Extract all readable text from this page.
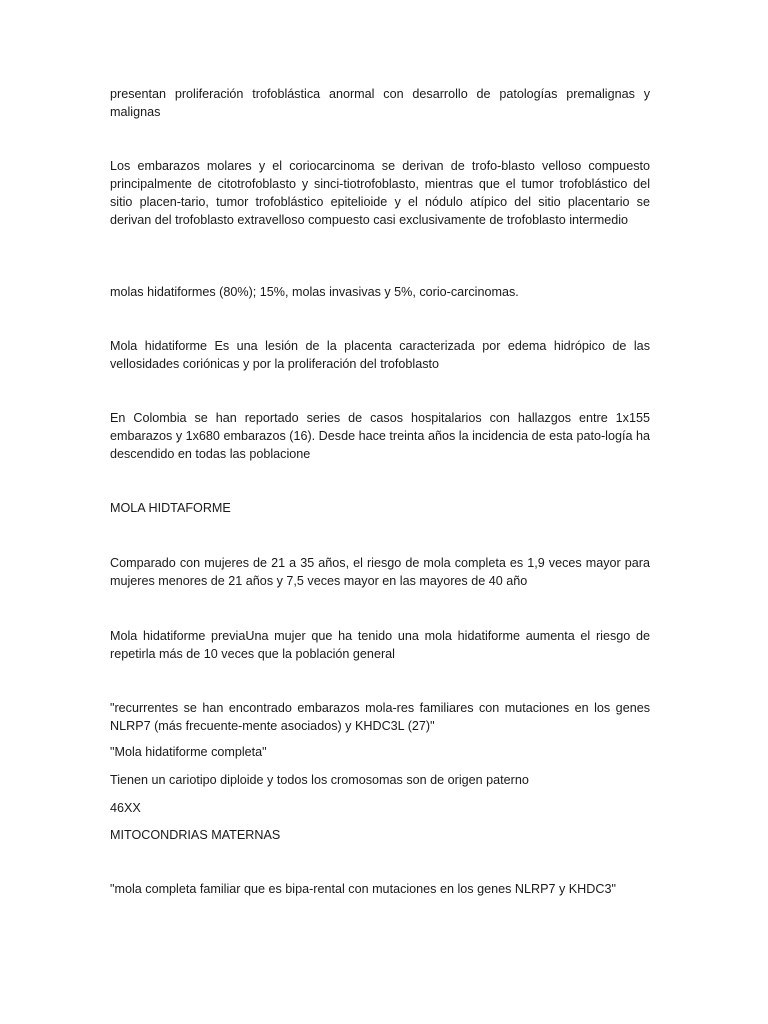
presentan proliferación trofoblástica anormal con desarrollo de patologías premalignas y malignas

Los embarazos molares y el coriocarcinoma se derivan de trofo-blasto velloso compuesto principalmente de citotrofoblasto y sinci-tiotrofoblasto, mientras que el tumor trofoblástico del sitio placen-tario, tumor trofoblástico epitelioide y el nódulo atípico del sitio placentario se derivan del trofoblasto extravelloso compuesto casi exclusivamente de trofoblasto intermedio

molas hidatiformes (80%); 15%, molas invasivas y 5%, corio-carcinomas.

Mola hidatiforme Es una lesión de la placenta caracterizada por edema hidrópico de las vellosidades coriónicas y por la proliferación del trofoblasto

En Colombia se han reportado series de casos hospitalarios con hallazgos entre 1x155 embarazos y 1x680 embarazos (16). Desde hace treinta años la incidencia de esta pato-logía ha descendido en todas las poblacione

MOLA HIDTAFORME

Comparado con mujeres de 21 a 35 años, el riesgo de mola completa es 1,9 veces mayor para mujeres menores de 21 años y 7,5 veces mayor en las mayores de 40 año

Mola hidatiforme previaUna mujer que ha tenido una mola hidatiforme aumenta el riesgo de repetirla más de 10 veces que la población general

"recurrentes se han encontrado embarazos mola-res familiares con mutaciones en los genes NLRP7 (más frecuente-mente asociados) y KHDC3L (27)"

"Mola hidatiforme completa"

Tienen un cariotipo diploide y todos los cromosomas son de origen paterno

46XX

MITOCONDRIAS MATERNAS

"mola completa familiar que es bipa-rental con mutaciones en los genes NLRP7 y KHDC3"
